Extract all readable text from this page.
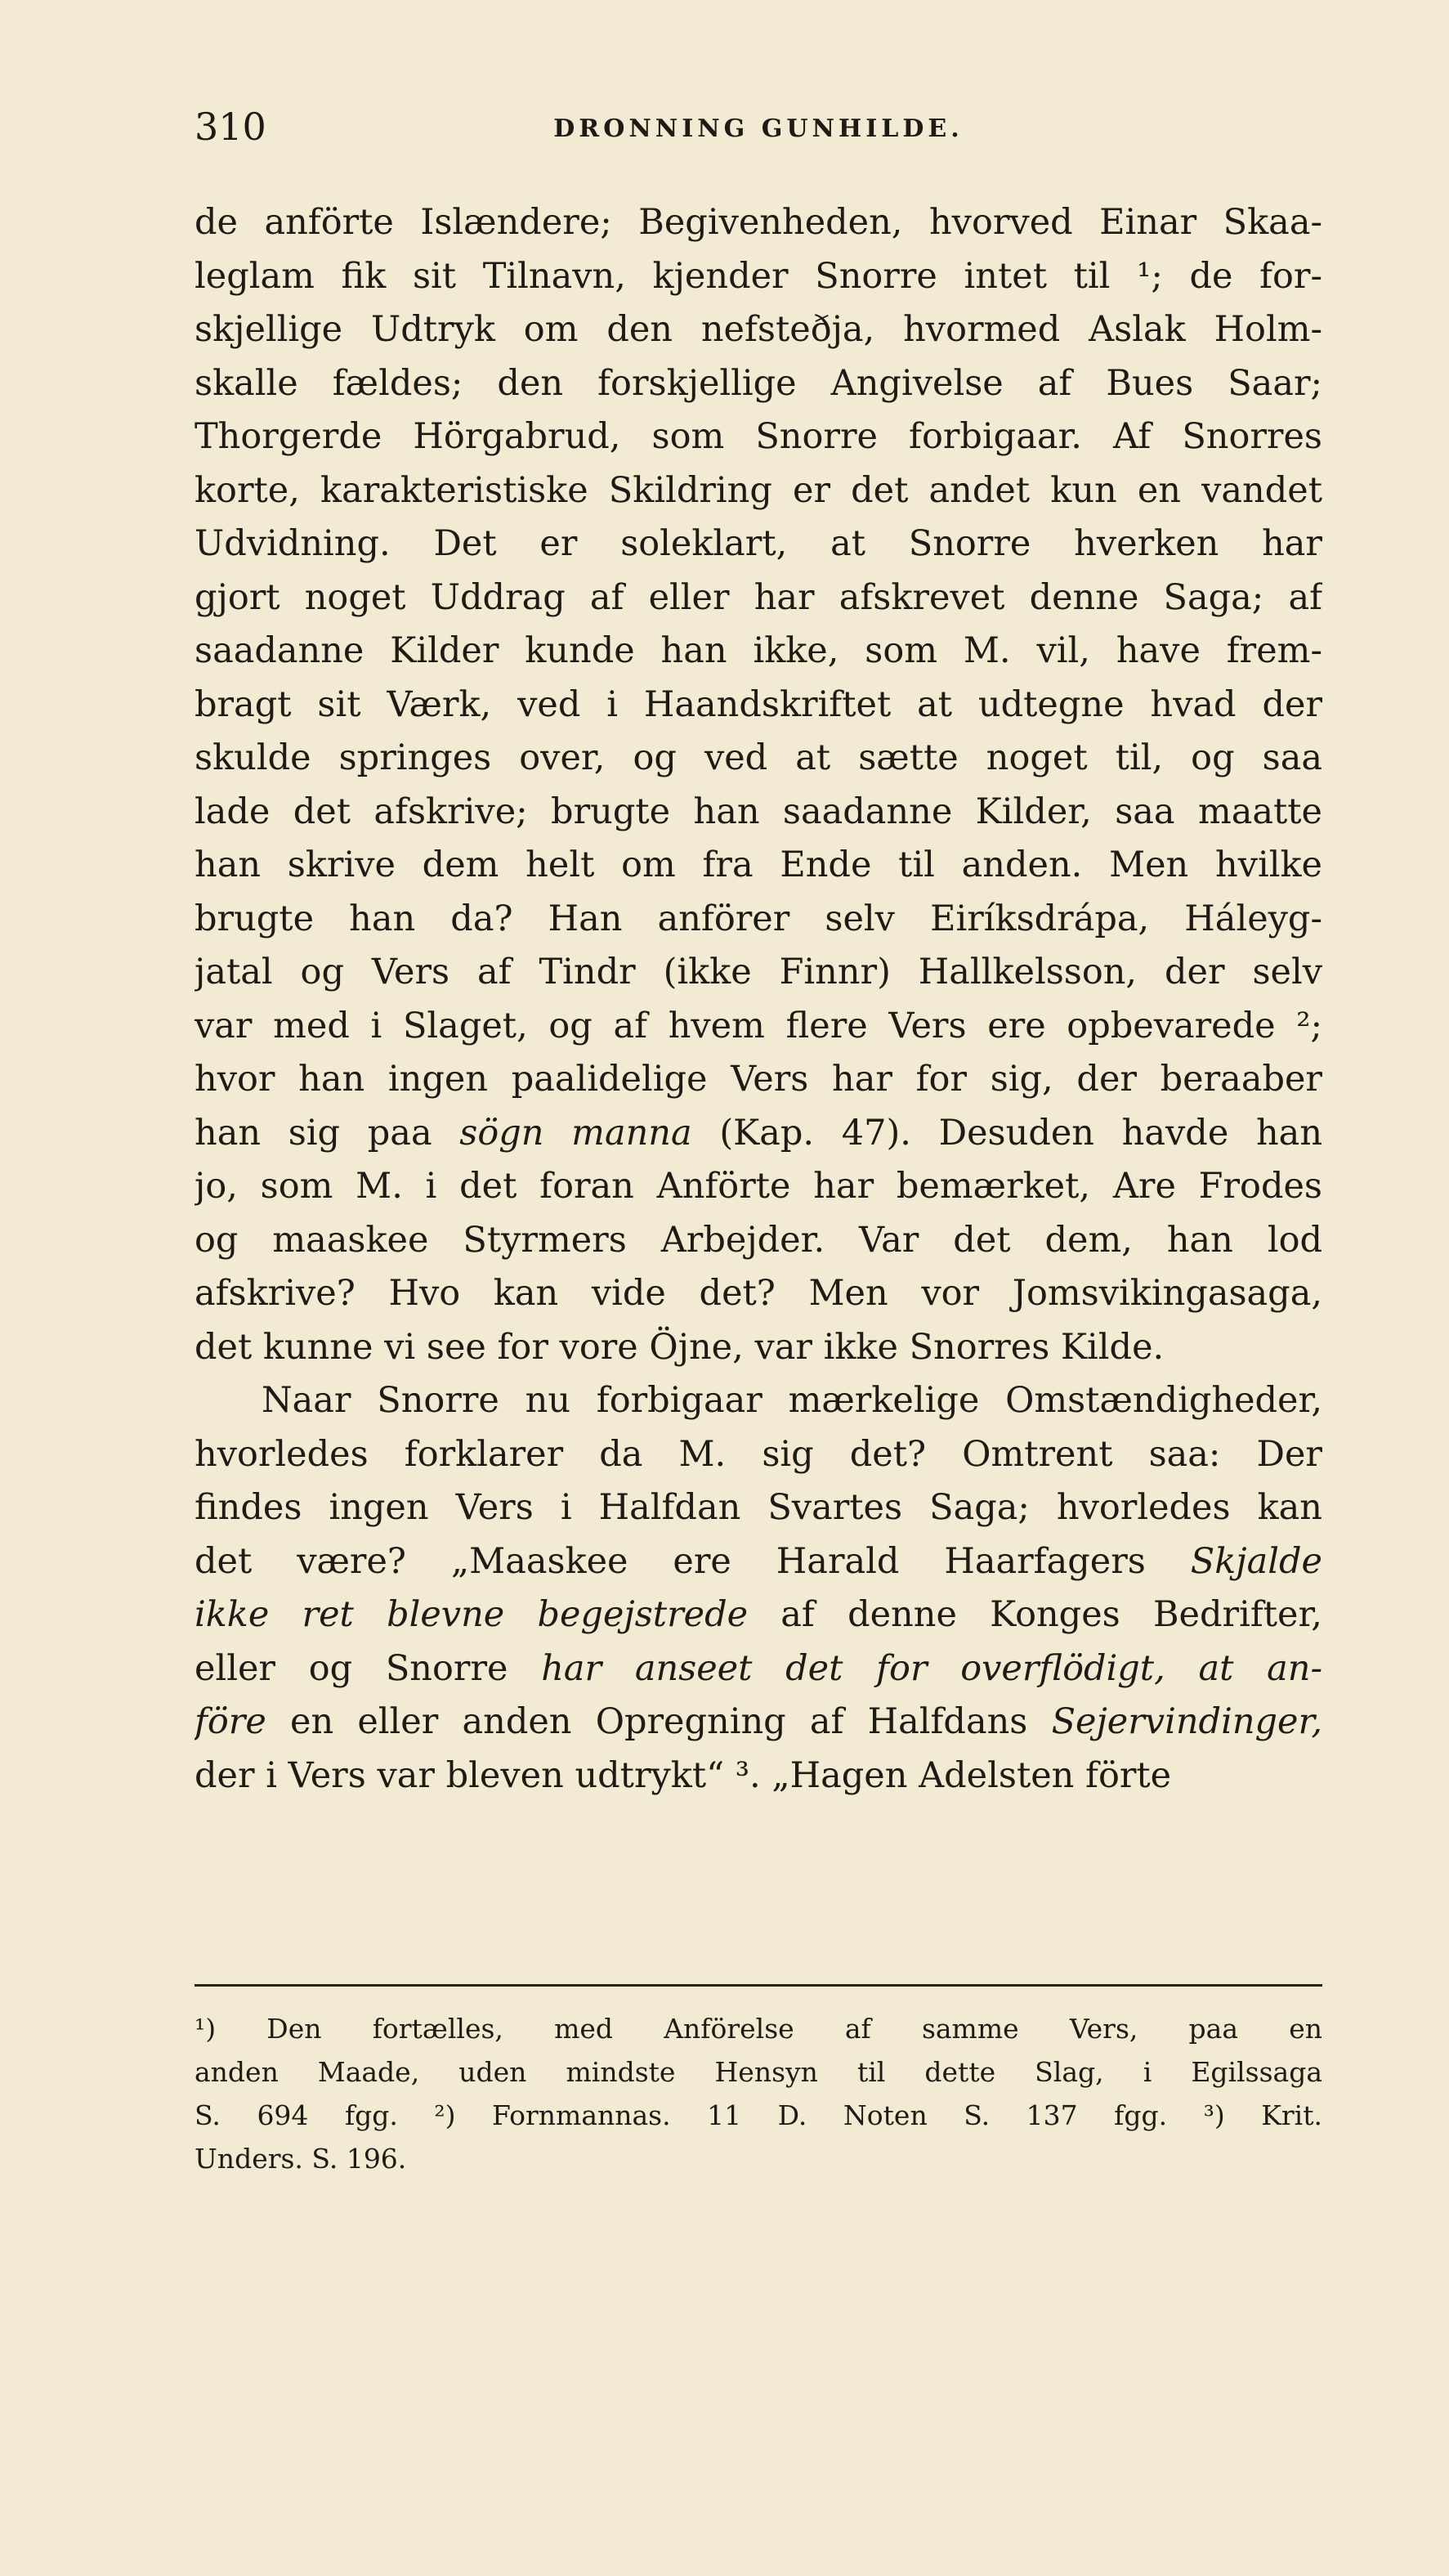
310	DRONNING GUNHILDE.
de anförte Islændere; Begivenheden, hvorved Einar Skaa-
leglam fik sit Tilnavn, kjender Snorre intet til ¹; de for-
skjellige Udtryk om den nefsteðja, hvormed Aslak Holm-
skalle fældes; den forskjellige Angivelse af Bues Saar;
Thorgerde Hörgabrud, som Snorre forbigaar. Af Snorres
korte, karakteristiske Skildring er det andet kun en vandet
Udvidning. Det er soleklart, at Snorre hverken har
gjort noget Uddrag af eller har afskrevet denne Saga; af
saadanne Kilder kunde han ikke, som M. vil, have frem-
bragt sit Værk, ved i Haandskriftet at udtegne hvad der
skulde springes over, og ved at sætte noget til, og saa
lade det afskrive; brugte han saadanne Kilder, saa maatte
han skrive dem helt om fra Ende til anden. Men hvilke
brugte han da? Han anförer selv Eiríksdrápa, Háleyg-
jatal og Vers af Tindr (ikke Finnr) Hallkelsson, der selv
var med i Slaget, og af hvem flere Vers ere opbevarede ²;
hvor han ingen paalidelige Vers har for sig, der beraaber
han sig paa sögn manna (Kap. 47). Desuden havde han
jo, som M. i det foran Anförte har bemærket, Are Frodes
og maaskee Styrmers Arbejder. Var det dem, han lod
afskrive? Hvo kan vide det? Men vor Jomsvikingasaga,
det kunne vi see for vore Öjne, var ikke Snorres Kilde.
Naar Snorre nu forbigaar mærkelige Omstændigheder,
hvorledes forklarer da M. sig det? Omtrent saa: Der
findes ingen Vers i Halfdan Svartes Saga; hvorledes kan
det være? „Maaskee ere Harald Haarfagers Skjalde
ikke ret blevne begejstrede af denne Konges Bedrifter,
eller og Snorre har anseet det for overflödigt, at an-
före en eller anden Opregning af Halfdans Sejervindinger,
der i Vers var bleven udtrykt“ ³. „Hagen Adelsten förte
¹) Den fortælles, med Anförelse af samme Vers, paa en
anden Maade, uden mindste Hensyn til dette Slag, i Egilssaga
S. 694 fgg. ²) Fornmannas. 11 D. Noten S. 137 fgg. ³) Krit.
Unders. S. 196.
